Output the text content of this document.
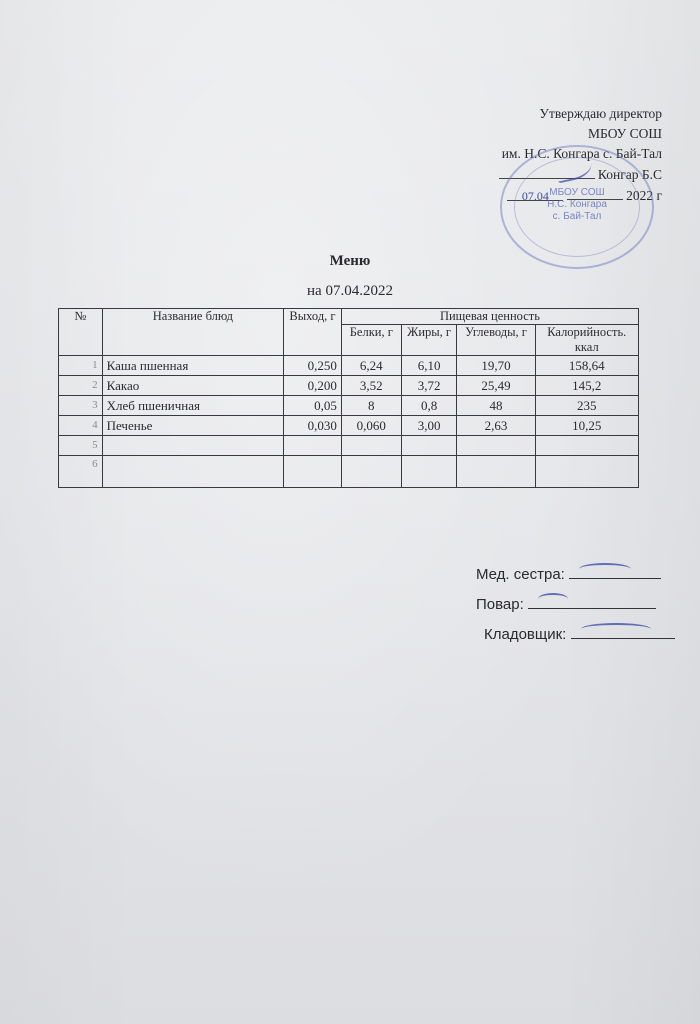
Утверждаю директор
МБОУ СОШ
им. Н.С. Конгара с. Бай-Тал
Конгар Б.С
07.04	2022 г
МБОУ СОШ
Н.С. Конгара
с. Бай-Тал
Меню
на 07.04.2022
№	Название блюд	Выход, г	Пищевая ценность			
			Белки, г	Жиры, г	Углеводы, г	Калорийность. ккал
1	Каша пшенная	0,250	6,24	6,10	19,70	158,64
2	Какао	0,200	3,52	3,72	25,49	145,2
3	Хлеб пшеничная	0,05	8	0,8	48	235
4	Печенье	0,030	0,060	3,00	2,63	10,25
5						
6						
Мед. сестра:
Повар:
Кладовщик:
